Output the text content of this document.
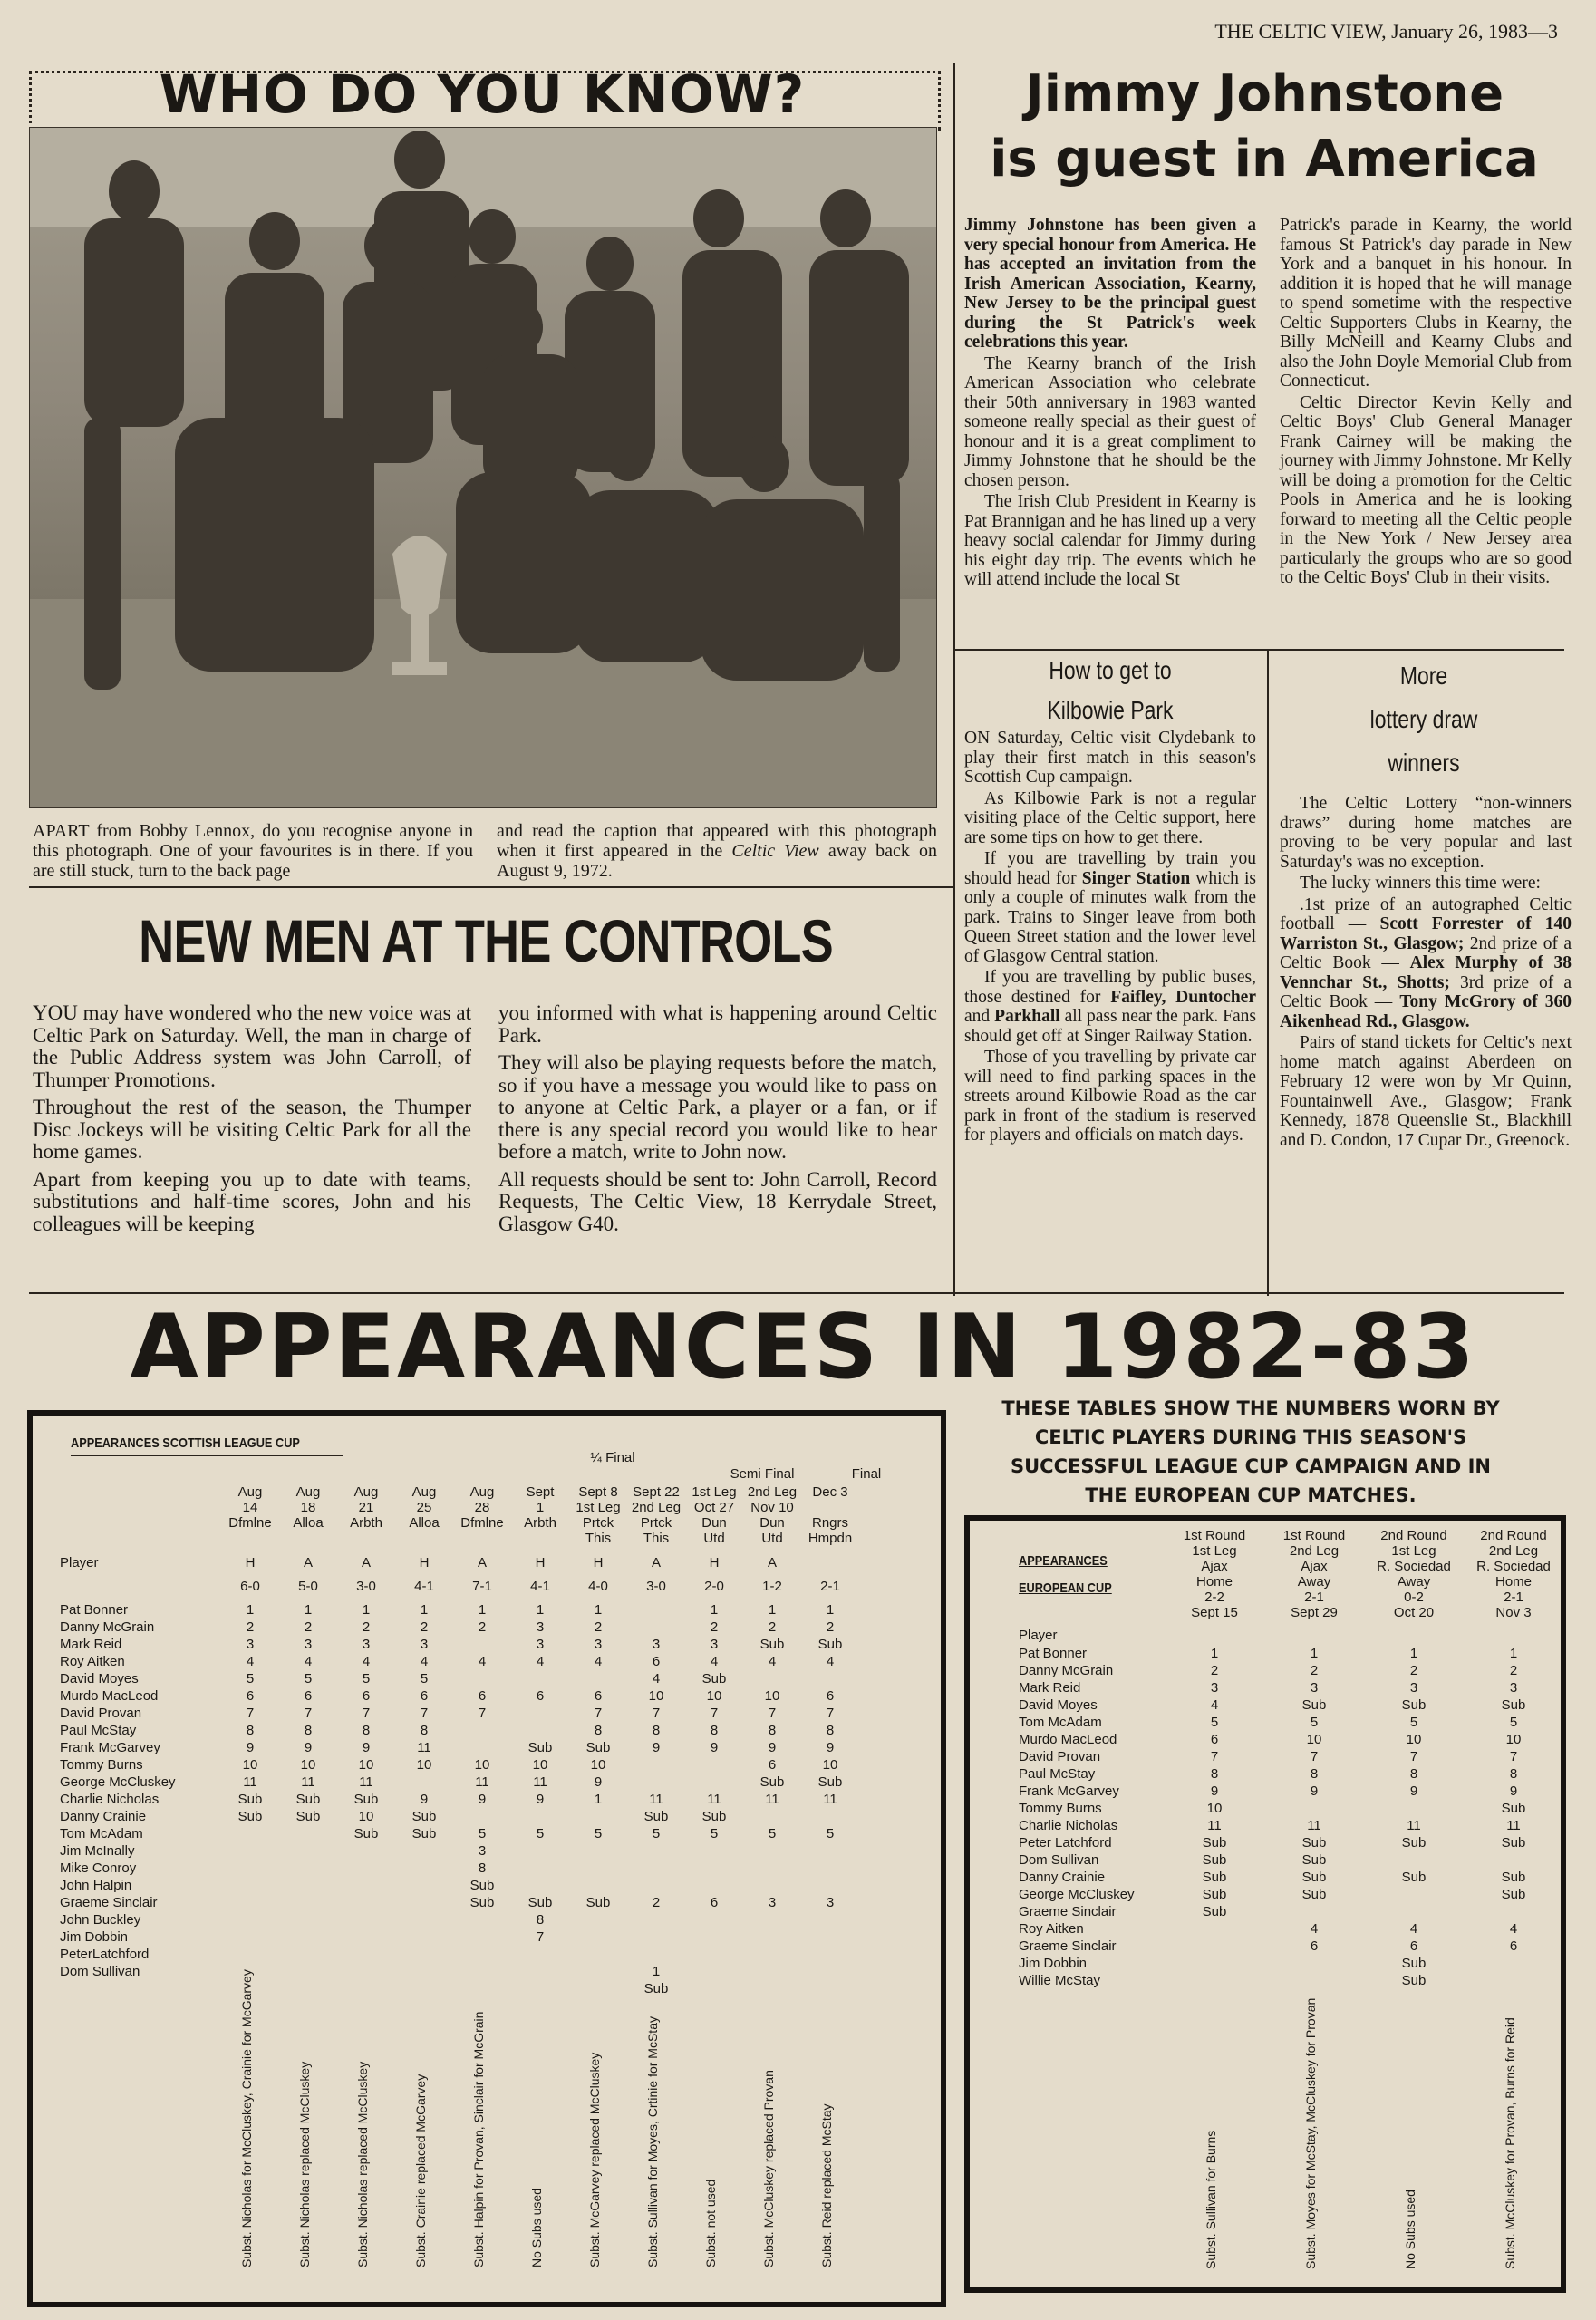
THE CELTIC VIEW, January 26, 1983—3
WHO DO YOU KNOW?
APART from Bobby Lennox, do you recognise anyone in this photograph. One of your favourites is in there. If you are still stuck, turn to the back page
and read the caption that appeared with this photograph when it first appeared in the Celtic View away back on August 9, 1972.
Jimmy Johnstone
is guest in America

Jimmy Johnstone has been given a very special honour from America. He has accepted an invitation from the Irish American Association, Kearny, New Jersey to be the principal guest during the St Patrick's week celebrations this year.

The Kearny branch of the Irish American Association who celebrate their 50th anniversary in 1983 wanted someone really special as their guest of honour and it is a great compliment to Jimmy Johnstone that he should be the chosen person.

The Irish Club President in Kearny is Pat Brannigan and he has lined up a very heavy social calendar for Jimmy during his eight day trip. The events which he will attend include the local St

Patrick's parade in Kearny, the world famous St Patrick's day parade in New York and a banquet in his honour. In addition it is hoped that he will manage to spend sometime with the respective Celtic Supporters Clubs in Kearny, the Billy McNeill and Kearny Clubs and also the John Doyle Memorial Club from Connecticut.

Celtic Director Kevin Kelly and Celtic Boys' Club General Manager Frank Cairney will be making the journey with Jimmy Johnstone. Mr Kelly will be doing a promotion for the Celtic Pools in America and he is looking forward to meeting all the Celtic people in the New York / New Jersey area particularly the groups who are so good to the Celtic Boys' Club in their visits.

How to get to
Kilbowie Park

ON Saturday, Celtic visit Clydebank to play their first match in this season's Scottish Cup campaign.

As Kilbowie Park is not a regular visiting place of the Celtic support, here are some tips on how to get there.

If you are travelling by train you should head for Singer Station which is only a couple of minutes walk from the park. Trains to Singer leave from both Queen Street station and the lower level of Glasgow Central station.

If you are travelling by public buses, those destined for Faifley, Duntocher and Parkhall all pass near the park. Fans should get off at Singer Railway Station.

Those of you travelling by private car will need to find parking spaces in the streets around Kilbowie Road as the car park in front of the stadium is reserved for players and officials on match days.

More
lottery draw
winners

The Celtic Lottery “non-winners draws” during home matches are proving to be very popular and last Saturday's was no exception.

The lucky winners this time were:

.1st prize of an autographed Celtic football — Scott Forrester of 140 Warriston St., Glasgow; 2nd prize of a Celtic Book — Alex Murphy of 38 Vennchar St., Shotts; 3rd prize of a Celtic Book — Tony McGrory of 360 Aikenhead Rd., Glasgow.

Pairs of stand tickets for Celtic's next home match against Aberdeen on February 12 were won by Mr Quinn, Fountainwell Ave., Glasgow; Frank Kennedy, 1878 Queenslie St., Blackhill and D. Condon, 17 Cupar Dr., Greenock.

NEW MEN AT THE CONTROLS

YOU may have wondered who the new voice was at Celtic Park on Saturday. Well, the man in charge of the Public Address system was John Carroll, of Thumper Promotions.

Throughout the rest of the season, the Thumper Disc Jockeys will be visiting Celtic Park for all the home games.

Apart from keeping you up to date with teams, substitutions and half-time scores, John and his colleagues will be keeping

you informed with what is happening around Celtic Park.

They will also be playing requests before the match, so if you have a message you would like to pass on to anyone at Celtic Park, a player or a fan, or if there is any special record you would like to hear before a match, write to John now.

All requests should be sent to: John Carroll, Record Requests, The Celtic View, 18 Kerrydale Street, Glasgow G40.

APPEARANCES IN 1982-83
APPEARANCES SCOTTISH LEAGUE CUP
¼ Final
Semi Final	Final
Player
Aug
14
Dfmlne
H
6-0
1
2
3
4
5
6
7
8
9
10
11
Sub
Sub
Subst. Nicholas for McCluskey, Crainie for McGarvey
Aug
18
Alloa
A
5-0
1
2
3
4
5
6
7
8
9
10
11
Sub
Sub
Subst. Nicholas replaced McCluskey
Aug
21
Arbth
A
3-0
1
2
3
4
5
6
7
8
9
10
11
Sub
10
Sub
Subst. Nicholas replaced McCluskey
Aug
25
Alloa
H
4-1
1
2
3
4
5
6
7
8
11
10
9
Sub
Sub
Subst. Crainie replaced McGarvey
Aug
28
Dfmlne
A
7-1
1
2
4
6
7
10
11
9
5
3
8
Sub
Sub
Subst. Halpin for Provan, Sinclair for McGrain
Sept
1
Arbth
H
4-1
1
3
3
4
6
Sub
10
11
9
5
Sub
8
7
No Subs used
Sept 8
1st Leg
Prtck
This
H
4-0
1
2
3
4
6
7
8
Sub
10
9
1
5
Sub
Subst. McGarvey replaced McCluskey
Sept 22
2nd Leg
Prtck
This
A
3-0
3
6
4
10
7
8
9
11
Sub
5
2
1
Sub
Subst. Sullivan for Moyes, Crtinie for McStay
1st Leg
Oct 27
Dun
Utd
H
2-0
1
2
3
4
Sub
10
7
8
9
11
Sub
5
6
Subst. not used
2nd Leg
Nov 10
Dun
Utd
A
1-2
1
2
Sub
4
10
7
8
9
6
Sub
11
5
3
Subst. McCluskey replaced Provan
Dec 3
Rngrs
Hmpdn
2-1
1
2
Sub
4
6
7
8
9
10
Sub
11
5
3
Subst. Reid replaced McStay
Pat Bonner
Danny McGrain
Mark Reid
Roy Aitken
David Moyes
Murdo MacLeod
David Provan
Paul McStay
Frank McGarvey
Tommy Burns
George McCluskey
Charlie Nicholas
Danny Crainie
Tom McAdam
Jim McInally
Mike Conroy
John Halpin
Graeme Sinclair
John Buckley
Jim Dobbin
PeterLatchford
Dom Sullivan
THESE TABLES SHOW THE NUMBERS WORN BY CELTIC PLAYERS DURING THIS SEASON'S SUCCESSFUL LEAGUE CUP CAMPAIGN AND IN THE EUROPEAN CUP MATCHES.
APPEARANCES
EUROPEAN CUP
Player
1st Round
1st Leg
Ajax
Home
2-2
Sept 15
1
2
3
4
5
6
7
8
9
10
11
Sub
Sub
Sub
Sub
Sub
Subst. Sullivan for Burns
1st Round
2nd Leg
Ajax
Away
2-1
Sept 29
1
2
3
Sub
5
10
7
8
9
11
Sub
Sub
Sub
Sub
4
6
Subst. Moyes for McStay, McCluskey for Provan
2nd Round
1st Leg
R. Sociedad
Away
0-2
Oct 20
1
2
3
Sub
5
10
7
8
9
11
Sub
Sub
4
6
Sub
Sub
No Subs used
2nd Round
2nd Leg
R. Sociedad
Home
2-1
Nov 3
1
2
3
Sub
5
10
7
8
9
Sub
11
Sub
Sub
Sub
4
6
Subst. McCluskey for Provan, Burns for Reid
Pat Bonner
Danny McGrain
Mark Reid
David Moyes
Tom McAdam
Murdo MacLeod
David Provan
Paul McStay
Frank McGarvey
Tommy Burns
Charlie Nicholas
Peter Latchford
Dom Sullivan
Danny Crainie
George McCluskey
Graeme Sinclair
Roy Aitken
Graeme Sinclair
Jim Dobbin
Willie McStay
